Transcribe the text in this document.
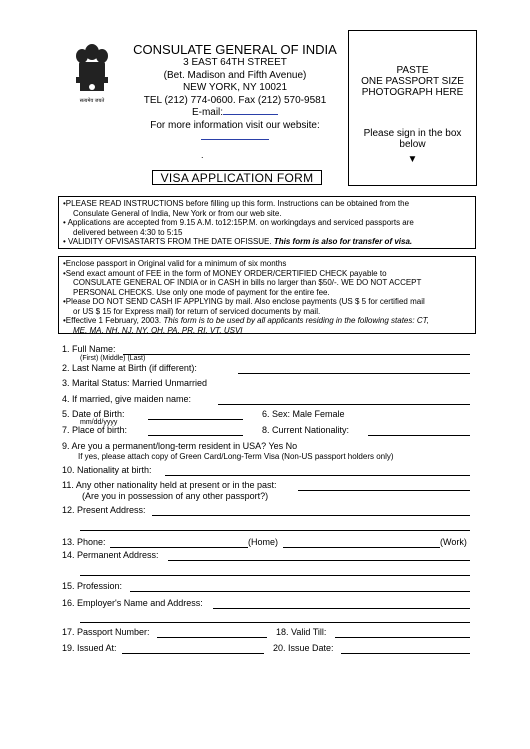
सत्यमेव जयते
CONSULATE GENERAL OF INDIA
3 EAST 64TH STREET
(Bet. Madison and Fifth Avenue)
NEW YORK, NY 10021
TEL (212) 774-0600. Fax (212) 570-9581
E-mail:
For more information visit our website:
PASTE
ONE PASSPORT SIZE
PHOTOGRAPH HERE
Please sign in the box
below
▼
.
VISA APPLICATION FORM

•PLEASE READ INSTRUCTIONS before filling up this form. Instructions can be obtained from the

Consulate General of India, New York or from our web site.

• Applications are accepted from 9.15 A.M. to12:15P.M. on workingdays and serviced passports are

delivered between 4:30 to 5:15

• VALIDITY OFVISASTARTS FROM THE DATE OFISSUE. This form is also for transfer of visa.

•Enclose passport in Original valid for a minimum of six months

•Send exact amount of FEE in the form of MONEY ORDER/CERTIFIED CHECK payable to

CONSULATE GENERAL OF INDIA or in CASH in bills no larger than $50/-. WE DO NOT ACCEPT

PERSONAL CHECKS. Use only one mode of payment for the entire fee.

•Please DO NOT SEND CASH IF APPLYING by mail. Also enclose payments (US $ 5 for certified mail

or US $ 15 for Express mail) for return of serviced documents by mail.

•Effective 1 February, 2003. This form is to be used by all applicants residing in the following states: CT,

ME, MA, NH, NJ, NY, OH, PA, PR, RI, VT, USVI

1. Full Name:
(First) (Middle) (Last)
2. Last Name at Birth (if different):
3. Marital Status: Married Unmarried
4. If married, give maiden name:
5. Date of Birth:
mm/dd/yyyy
6. Sex: Male Female
7. Place of birth:	8. Current Nationality:
9. Are you a permanent/long-term resident in USA? Yes No
If yes, please attach copy of Green Card/Long-Term Visa (Non-US passport holders only)
10. Nationality at birth:
11. Any other nationality held at present or in the past:
(Are you in possession of any other passport?)
12. Present Address:
13. Phone:	(Home)	(Work)
14. Permanent Address:
15. Profession:
16. Employer's Name and Address:
17. Passport Number:	18. Valid Till:
19. Issued At:	20. Issue Date:
